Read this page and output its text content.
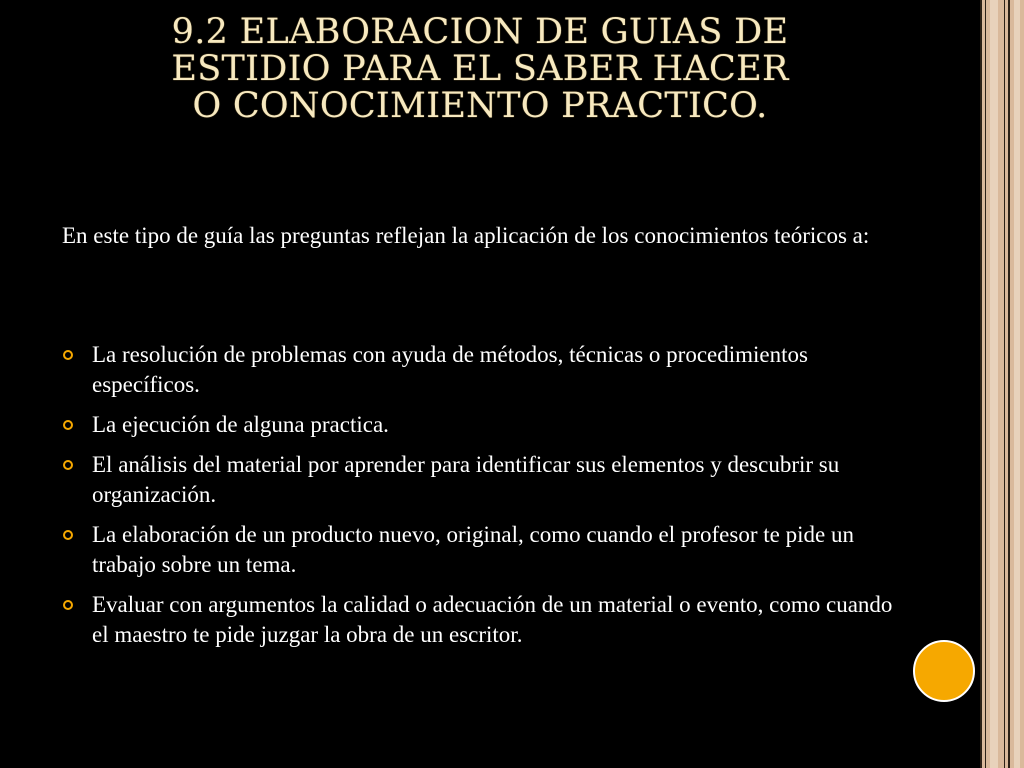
9.2 ELABORACION DE GUIAS DE
ESTIDIO PARA EL SABER HACER
O CONOCIMIENTO PRACTICO.

En este tipo de guía las preguntas reflejan la aplicación de los conocimientos teóricos a:

La resolución de problemas con ayuda de métodos, técnicas o procedimientos específicos.
La ejecución de alguna practica.
El análisis del material por aprender para identificar sus elementos y descubrir su organización.
La elaboración de un producto nuevo, original, como cuando el profesor te pide un trabajo sobre un tema.
Evaluar con argumentos la calidad o adecuación de un material o evento, como cuando el maestro te pide juzgar la obra de un escritor.
